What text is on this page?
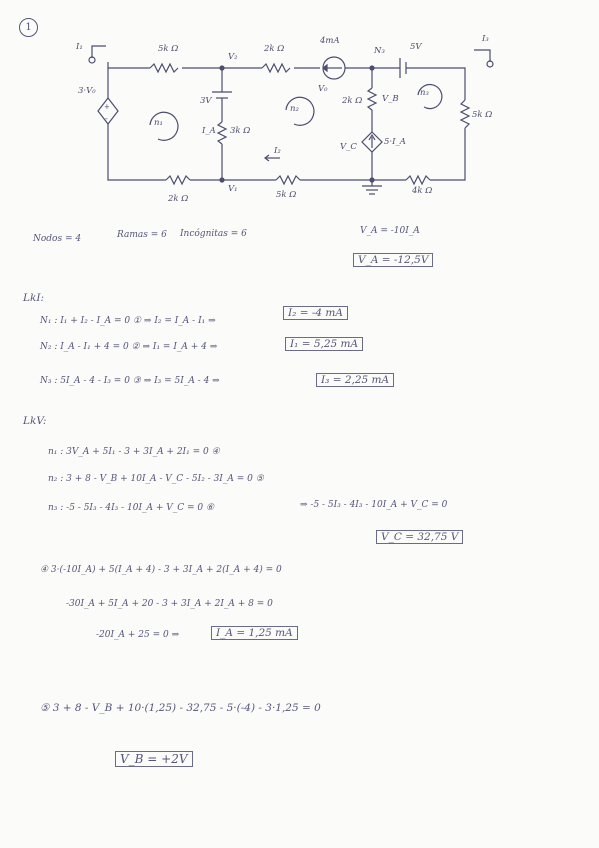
1
+
-
I₁	5k Ω
V₂
2k Ω
4mA
N₃	5V
I₃
3·V₀
3V
V₀
2k Ω V_B
5k Ω
n₁
n₂
n₃
I_A 3k Ω
5·I_A
V_C
I₂
V₁
2k Ω	5k Ω	4k Ω
Nodos = 4	Ramas = 6 Incógnitas = 6	V_A = -10I_A
V_A = -12,5V
LkI:
N₁ : I₁ + I₂ - I_A = 0 ① ⇒ I₂ = I_A - I₁ ⇒
I₂ = -4 mA
N₂ : I_A - I₁ + 4 = 0 ② ⇒ I₁ = I_A + 4 ⇒	I₁ = 5,25 mA
N₃ : 5I_A - 4 - I₃ = 0 ③ ⇒ I₃ = 5I_A - 4 ⇒	I₃ = 2,25 mA
LkV:
n₁ : 3V_A + 5I₁ - 3 + 3I_A + 2I₁ = 0 ④
n₂ : 3 + 8 - V_B + 10I_A - V_C - 5I₂ - 3I_A = 0 ⑤
n₃ : -5 - 5I₃ - 4I₃ - 10I_A + V_C = 0 ⑥	⇒ -5 - 5I₃ - 4I₃ - 10I_A + V_C = 0
V_C = 32,75 V
④ 3·(-10I_A) + 5(I_A + 4) - 3 + 3I_A + 2(I_A + 4) = 0
-30I_A + 5I_A + 20 - 3 + 3I_A + 2I_A + 8 = 0
-20I_A + 25 = 0 ⇒	I_A = 1,25 mA
⑤ 3 + 8 - V_B + 10·(1,25) - 32,75 - 5·(-4) - 3·1,25 = 0
V_B = +2V
